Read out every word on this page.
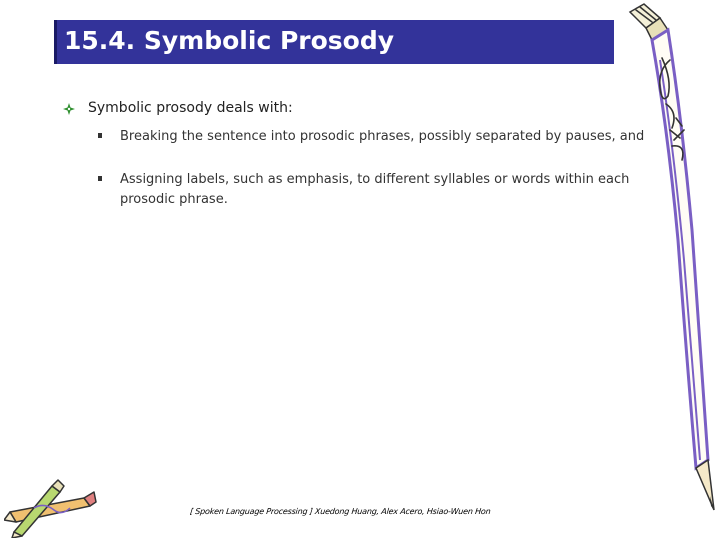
15.4. Symbolic Prosody
Symbolic prosody deals with:
Breaking the sentence into prosodic phrases, possibly separated by pauses, and
Assigning labels, such as emphasis, to different syllables or words within each prosodic phrase.
[ Spoken Language Processing ] Xuedong Huang, Alex Acero, Hsiao-Wuen Hon
